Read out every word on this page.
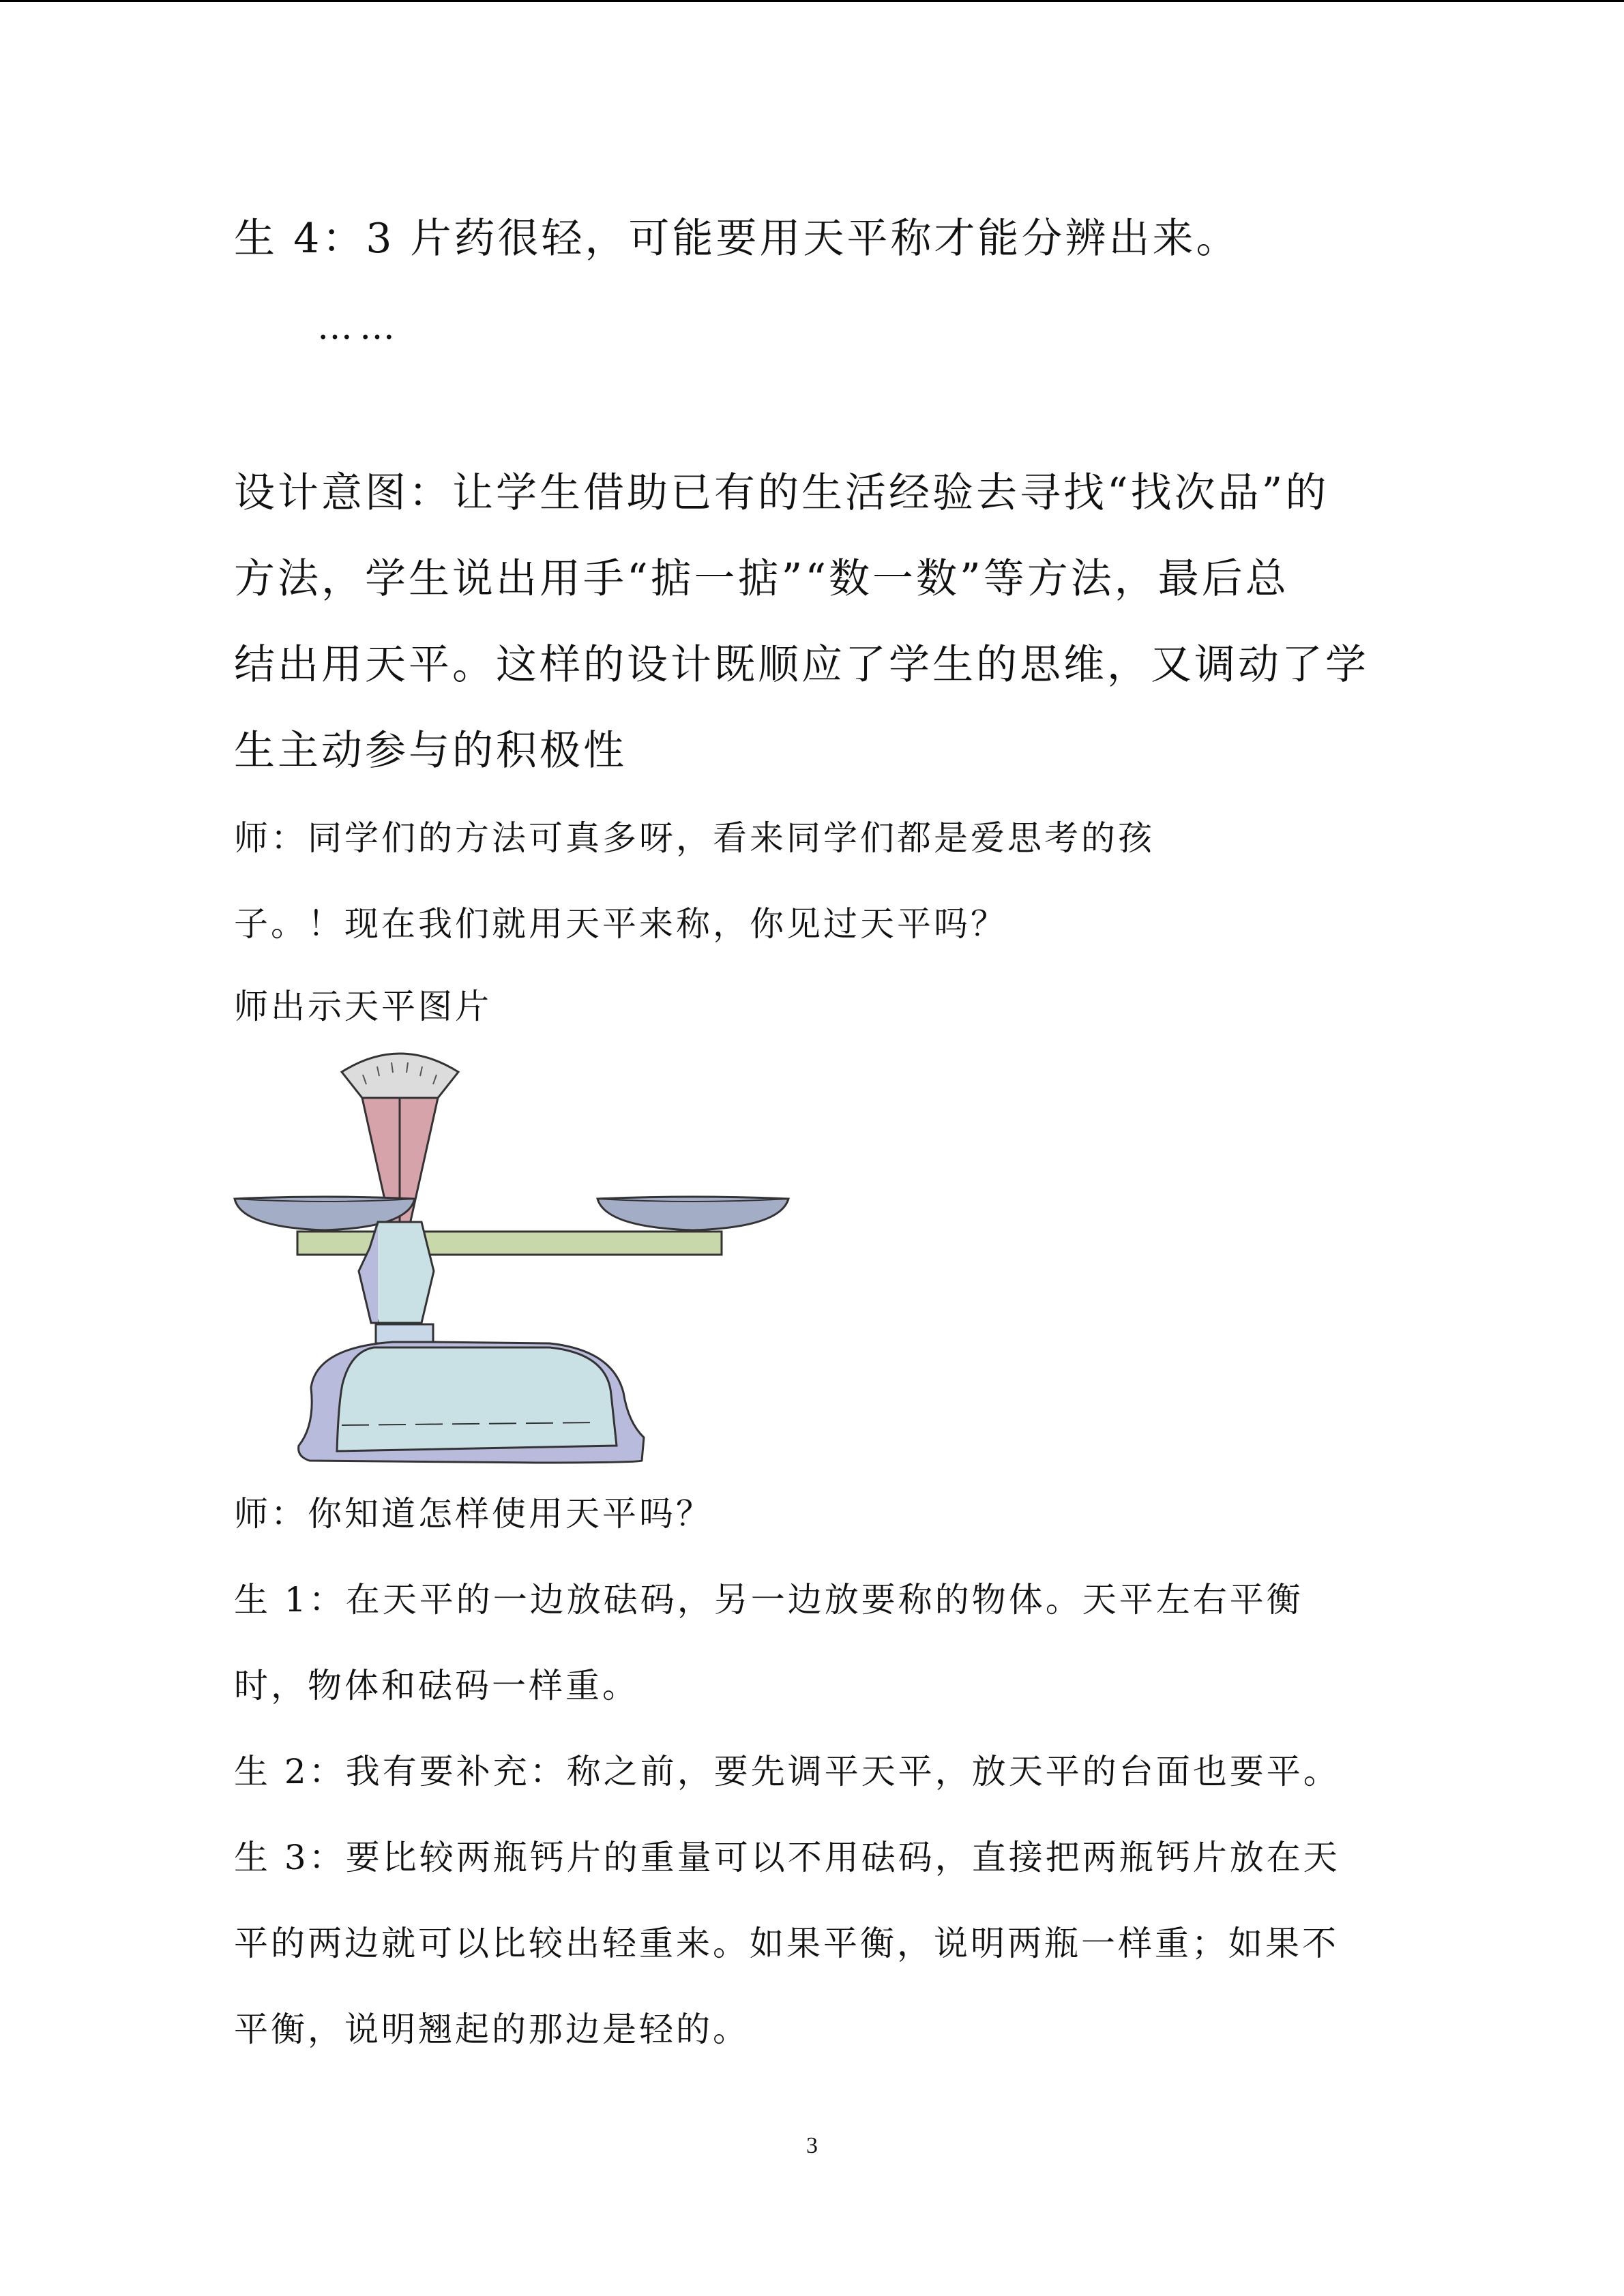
生 4：3 片药很轻，可能要用天平称才能分辨出来。
……
设计意图：让学生借助已有的生活经验去寻找“找次品”的
方法，学生说出用手“掂一掂”“数一数”等方法，最后总
结出用天平。这样的设计既顺应了学生的思维，又调动了学
生主动参与的积极性
师：同学们的方法可真多呀，看来同学们都是爱思考的孩
子。！现在我们就用天平来称，你见过天平吗？
师出示天平图片
师：你知道怎样使用天平吗？
生 1：在天平的一边放砝码，另一边放要称的物体。天平左右平衡
时，物体和砝码一样重。
生 2：我有要补充：称之前，要先调平天平，放天平的台面也要平。
生 3：要比较两瓶钙片的重量可以不用砝码，直接把两瓶钙片放在天
平的两边就可以比较出轻重来。如果平衡，说明两瓶一样重；如果不
平衡，说明翘起的那边是轻的。
3
